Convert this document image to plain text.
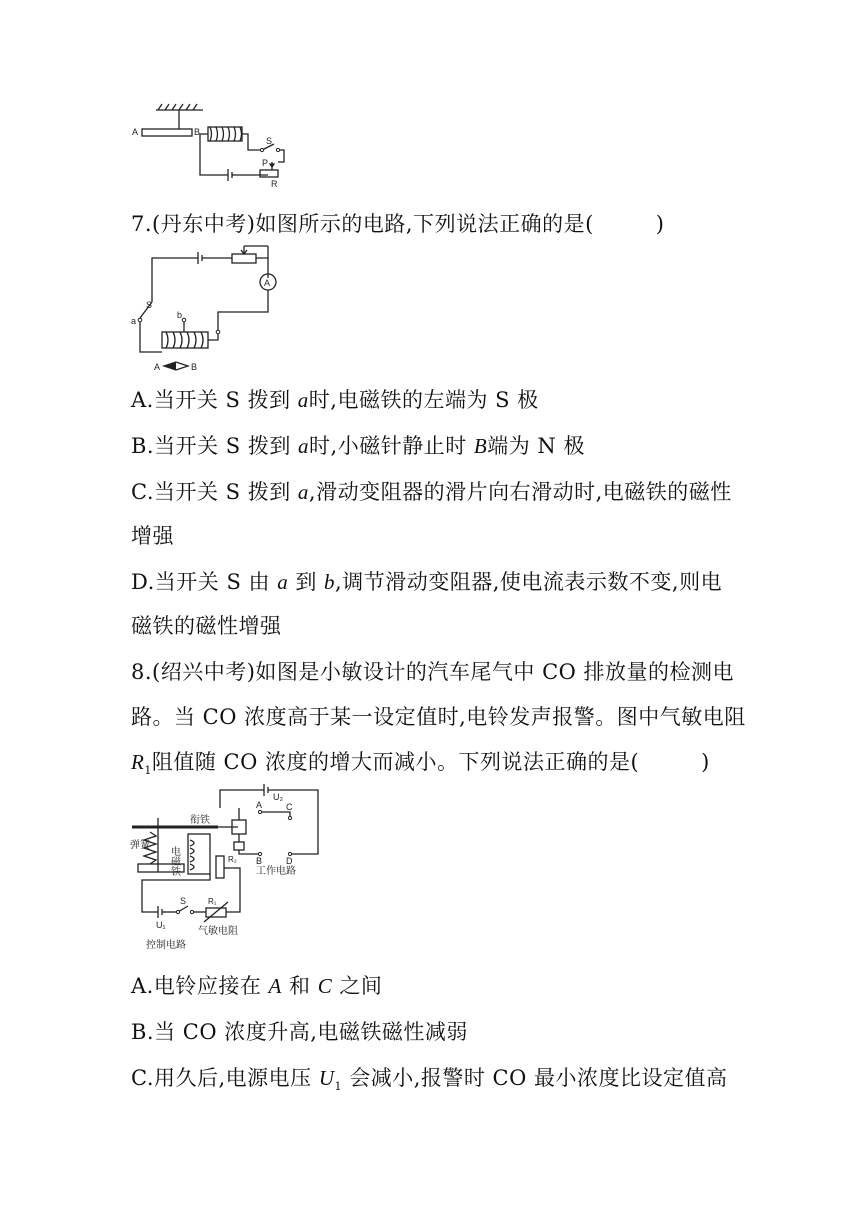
A	B
S
P
R
7.(丹东中考)如图所示的电路,下列说法正确的是(	)
A
S
a
b
A	B
A.当开关 S 拨到 a时,电磁铁的左端为 S 极
B.当开关 S 拨到 a时,小磁针静止时 B端为 N 极
C.当开关 S 拨到 a,滑动变阻器的滑片向右滑动时,电磁铁的磁性
增强
D.当开关 S 由 a 到 b,调节滑动变阻器,使电流表示数不变,则电
磁铁的磁性增强
8.(绍兴中考)如图是小敏设计的汽车尾气中 CO 排放量的检测电
路。当 CO 浓度高于某一设定值时,电铃发声报警。图中气敏电阻
$R_1$阻值随 CO 浓度的增大而减小。下列说法正确的是(	)
U₂
衔铁
A	C
B	D
R₂
工作电路
弹簧
电磁铁
U₁
S	R₁
气敏电阻
控制电路
A.电铃应接在 A 和 C 之间
B.当 CO 浓度升高,电磁铁磁性减弱
C.用久后,电源电压 $U_1$ 会减小,报警时 CO 最小浓度比设定值高
